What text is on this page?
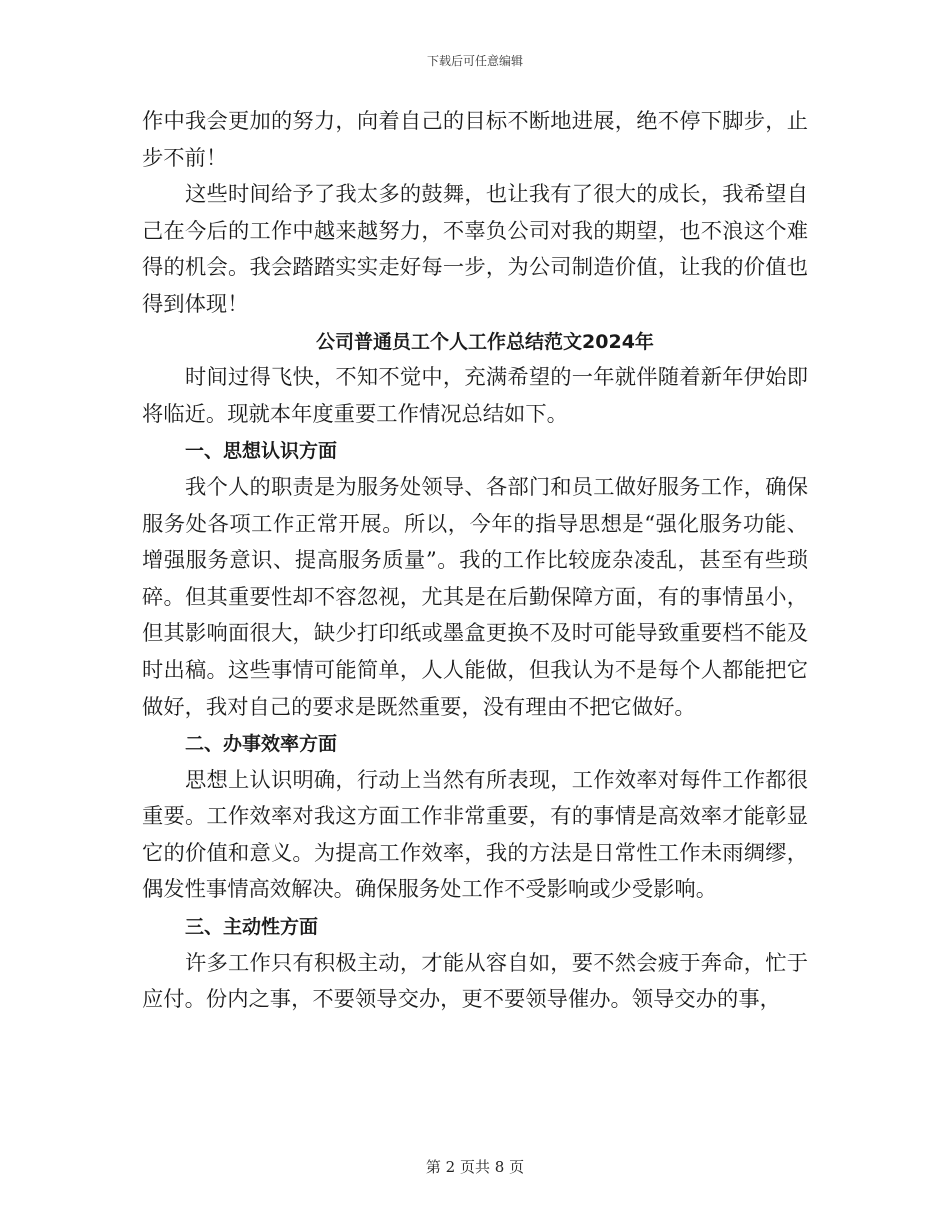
下载后可任意编辑

作中我会更加的努力，向着自己的目标不断地进展，绝不停下脚步，止步不前！

这些时间给予了我太多的鼓舞，也让我有了很大的成长，我希望自己在今后的工作中越来越努力，不辜负公司对我的期望，也不浪这个难得的机会。我会踏踏实实走好每一步，为公司制造价值，让我的价值也得到体现！

公司普通员工个人工作总结范文2024年

时间过得飞快，不知不觉中，充满希望的一年就伴随着新年伊始即将临近。现就本年度重要工作情况总结如下。

一、思想认识方面

我个人的职责是为服务处领导、各部门和员工做好服务工作，确保服务处各项工作正常开展。所以，今年的指导思想是“强化服务功能、增强服务意识、提高服务质量”。我的工作比较庞杂凌乱，甚至有些琐碎。但其重要性却不容忽视，尤其是在后勤保障方面，有的事情虽小，但其影响面很大，缺少打印纸或墨盒更换不及时可能导致重要档不能及时出稿。这些事情可能简单，人人能做，但我认为不是每个人都能把它做好，我对自己的要求是既然重要，没有理由不把它做好。

二、办事效率方面

思想上认识明确，行动上当然有所表现，工作效率对每件工作都很重要。工作效率对我这方面工作非常重要，有的事情是高效率才能彰显它的价值和意义。为提高工作效率，我的方法是日常性工作未雨绸缪，偶发性事情高效解决。确保服务处工作不受影响或少受影响。

三、主动性方面

许多工作只有积极主动，才能从容自如，要不然会疲于奔命，忙于应付。份内之事，不要领导交办，更不要领导催办。领导交办的事，

第 2 页共 8 页
